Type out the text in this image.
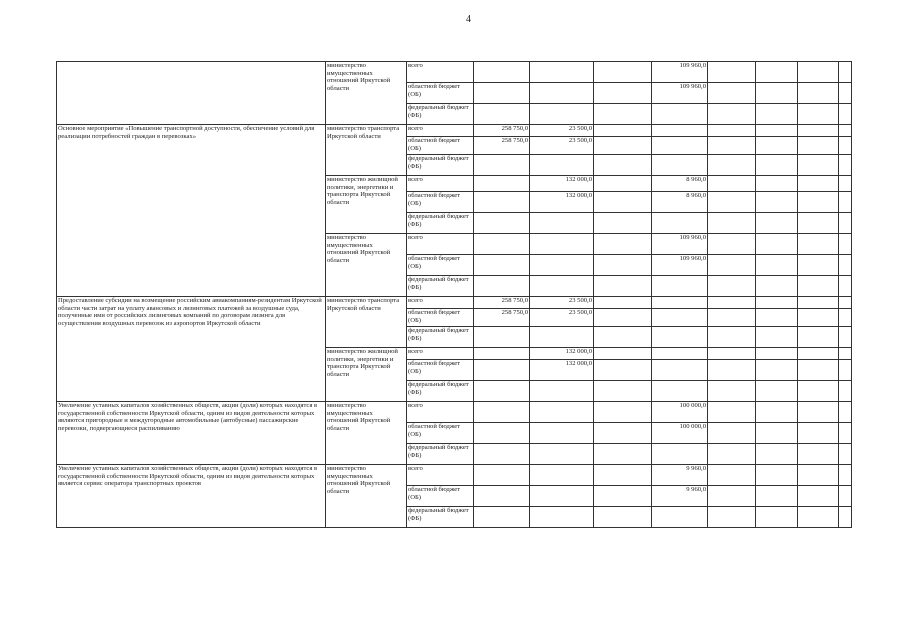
4
	министерство имущественных отношений Иркутской области	всего				109 960,0				
		областной бюджет (ОБ)				109 960,0				
		федеральный бюджет (ФБ)								
Основное мероприятие «Повышение транспортной доступности, обеспечение условий для реализации потребностей граждан в перевозках»	министерство транспорта Иркутской области	всего	258 750,0	23 500,0						
		областной бюджет (ОБ)	258 750,0	23 500,0						
		федеральный бюджет (ФБ)								
	министерство жилищной политики, энергетики и транспорта Иркутской области	всего		132 000,0		8 960,0				
		областной бюджет (ОБ)		132 000,0		8 960,0				
		федеральный бюджет (ФБ)								
	министерство имущественных отношений Иркутской области	всего				109 960,0				
		областной бюджет (ОБ)				109 960,0				
		федеральный бюджет (ФБ)								
Предоставление субсидии на возмещение российским авиакомпаниям-резидентам Иркутской области части затрат на уплату авансовых и лизинговых платежей за воздушные суда, полученные ими от российских лизинговых компаний по договорам лизинга для осуществления воздушных перевозок из аэропортов Иркутской области	министерство транспорта Иркутской области	всего	258 750,0	23 500,0						
		областной бюджет (ОБ)	258 750,0	23 500,0						
		федеральный бюджет (ФБ)								
	министерство жилищной политики, энергетики и транспорта Иркутской области	всего		132 000,0						
		областной бюджет (ОБ)		132 000,0						
		федеральный бюджет (ФБ)								
Увеличение уставных капиталов хозяйственных обществ, акции (доли) которых находятся в государственной собственности Иркутской области, одним из видов деятельности которых являются пригородные и междугородные автомобильные (автобусные) пассажирские перевозки, подвергающиеся распиливанию	министерство имущественных отношений Иркутской области	всего				100 000,0				
		областной бюджет (ОБ)				100 000,0				
		федеральный бюджет (ФБ)								
Увеличение уставных капиталов хозяйственных обществ, акции (доли) которых находятся в государственной собственности Иркутской области, одним из видов деятельности которых является сервис оператора транспортных проектов	министерство имущественных отношений Иркутской области	всего				9 960,0				
		областной бюджет (ОБ)				9 960,0				
		федеральный бюджет (ФБ)								
